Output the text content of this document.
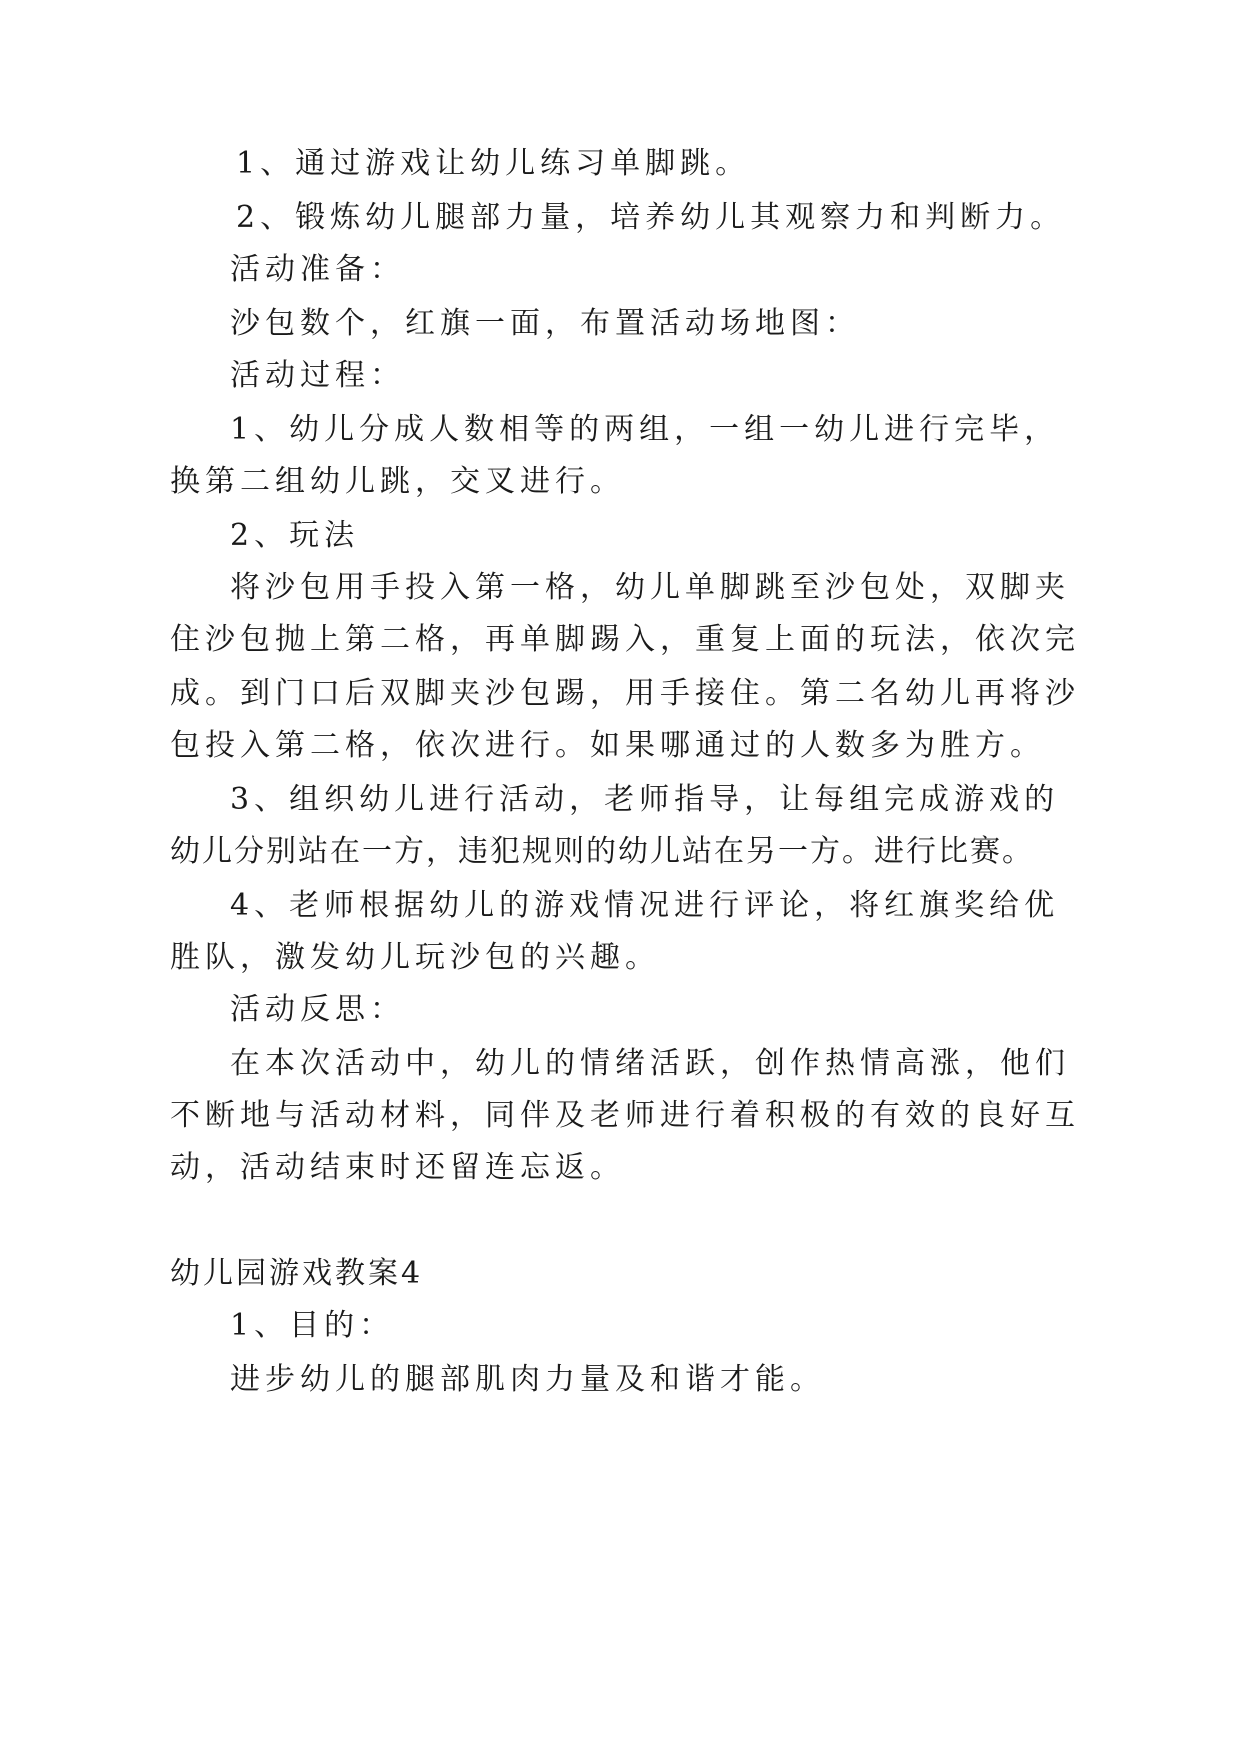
1、通过游戏让幼儿练习单脚跳。
2、锻炼幼儿腿部力量，培养幼儿其观察力和判断力。
活动准备：
沙包数个，红旗一面，布置活动场地图：
活动过程：
1、幼儿分成人数相等的两组，一组一幼儿进行完毕，
换第二组幼儿跳，交叉进行。
2、玩法
将沙包用手投入第一格，幼儿单脚跳至沙包处，双脚夹
住沙包抛上第二格，再单脚踢入，重复上面的玩法，依次完
成。到门口后双脚夹沙包踢，用手接住。第二名幼儿再将沙
包投入第二格，依次进行。如果哪通过的人数多为胜方。
3、组织幼儿进行活动，老师指导，让每组完成游戏的
幼儿分别站在一方，违犯规则的幼儿站在另一方。进行比赛。
4、老师根据幼儿的游戏情况进行评论，将红旗奖给优
胜队，激发幼儿玩沙包的兴趣。
活动反思：
在本次活动中，幼儿的情绪活跃，创作热情高涨，他们
不断地与活动材料，同伴及老师进行着积极的有效的良好互
动，活动结束时还留连忘返。
幼儿园游戏教案4
1、目的：
进步幼儿的腿部肌肉力量及和谐才能。
